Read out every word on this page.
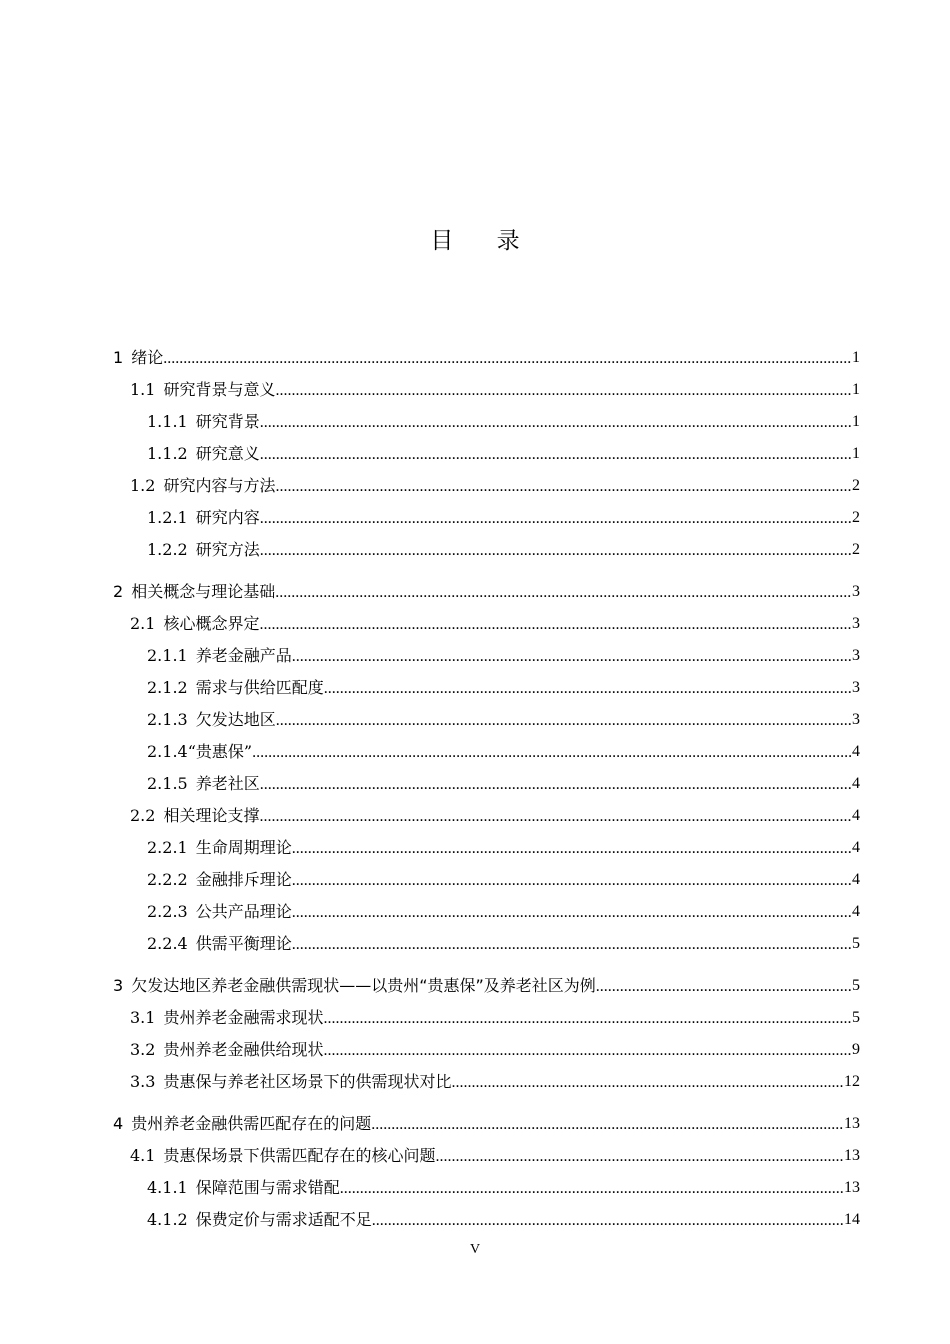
目 录
1 绪论 .....	1
1.1 研究背景与意义 .....	1
1.1.1 研究背景 .....	1
1.1.2 研究意义 .....	1
1.2 研究内容与方法 .....	2
1.2.1 研究内容 .....	2
1.2.2 研究方法 .....	2
2 相关概念与理论基础 .....	3
2.1 核心概念界定 .....	3
2.1.1 养老金融产品 .....	3
2.1.2 需求与供给匹配度 .....	3
2.1.3 欠发达地区 .....	3
2.1.4“贵惠保” .....	4
2.1.5 养老社区 .....	4
2.2 相关理论支撑 .....	4
2.2.1 生命周期理论 .....	4
2.2.2 金融排斥理论 .....	4
2.2.3 公共产品理论 .....	4
2.2.4 供需平衡理论 .....	5
3 欠发达地区养老金融供需现状——以贵州“贵惠保”及养老社区为例 .....	5
3.1 贵州养老金融需求现状 .....	5
3.2 贵州养老金融供给现状 .....	9
3.3 贵惠保与养老社区场景下的供需现状对比 .....	12
4 贵州养老金融供需匹配存在的问题 .....	13
4.1 贵惠保场景下供需匹配存在的核心问题 .....	13
4.1.1 保障范围与需求错配 .....	13
4.1.2 保费定价与需求适配不足 .....	14
V
